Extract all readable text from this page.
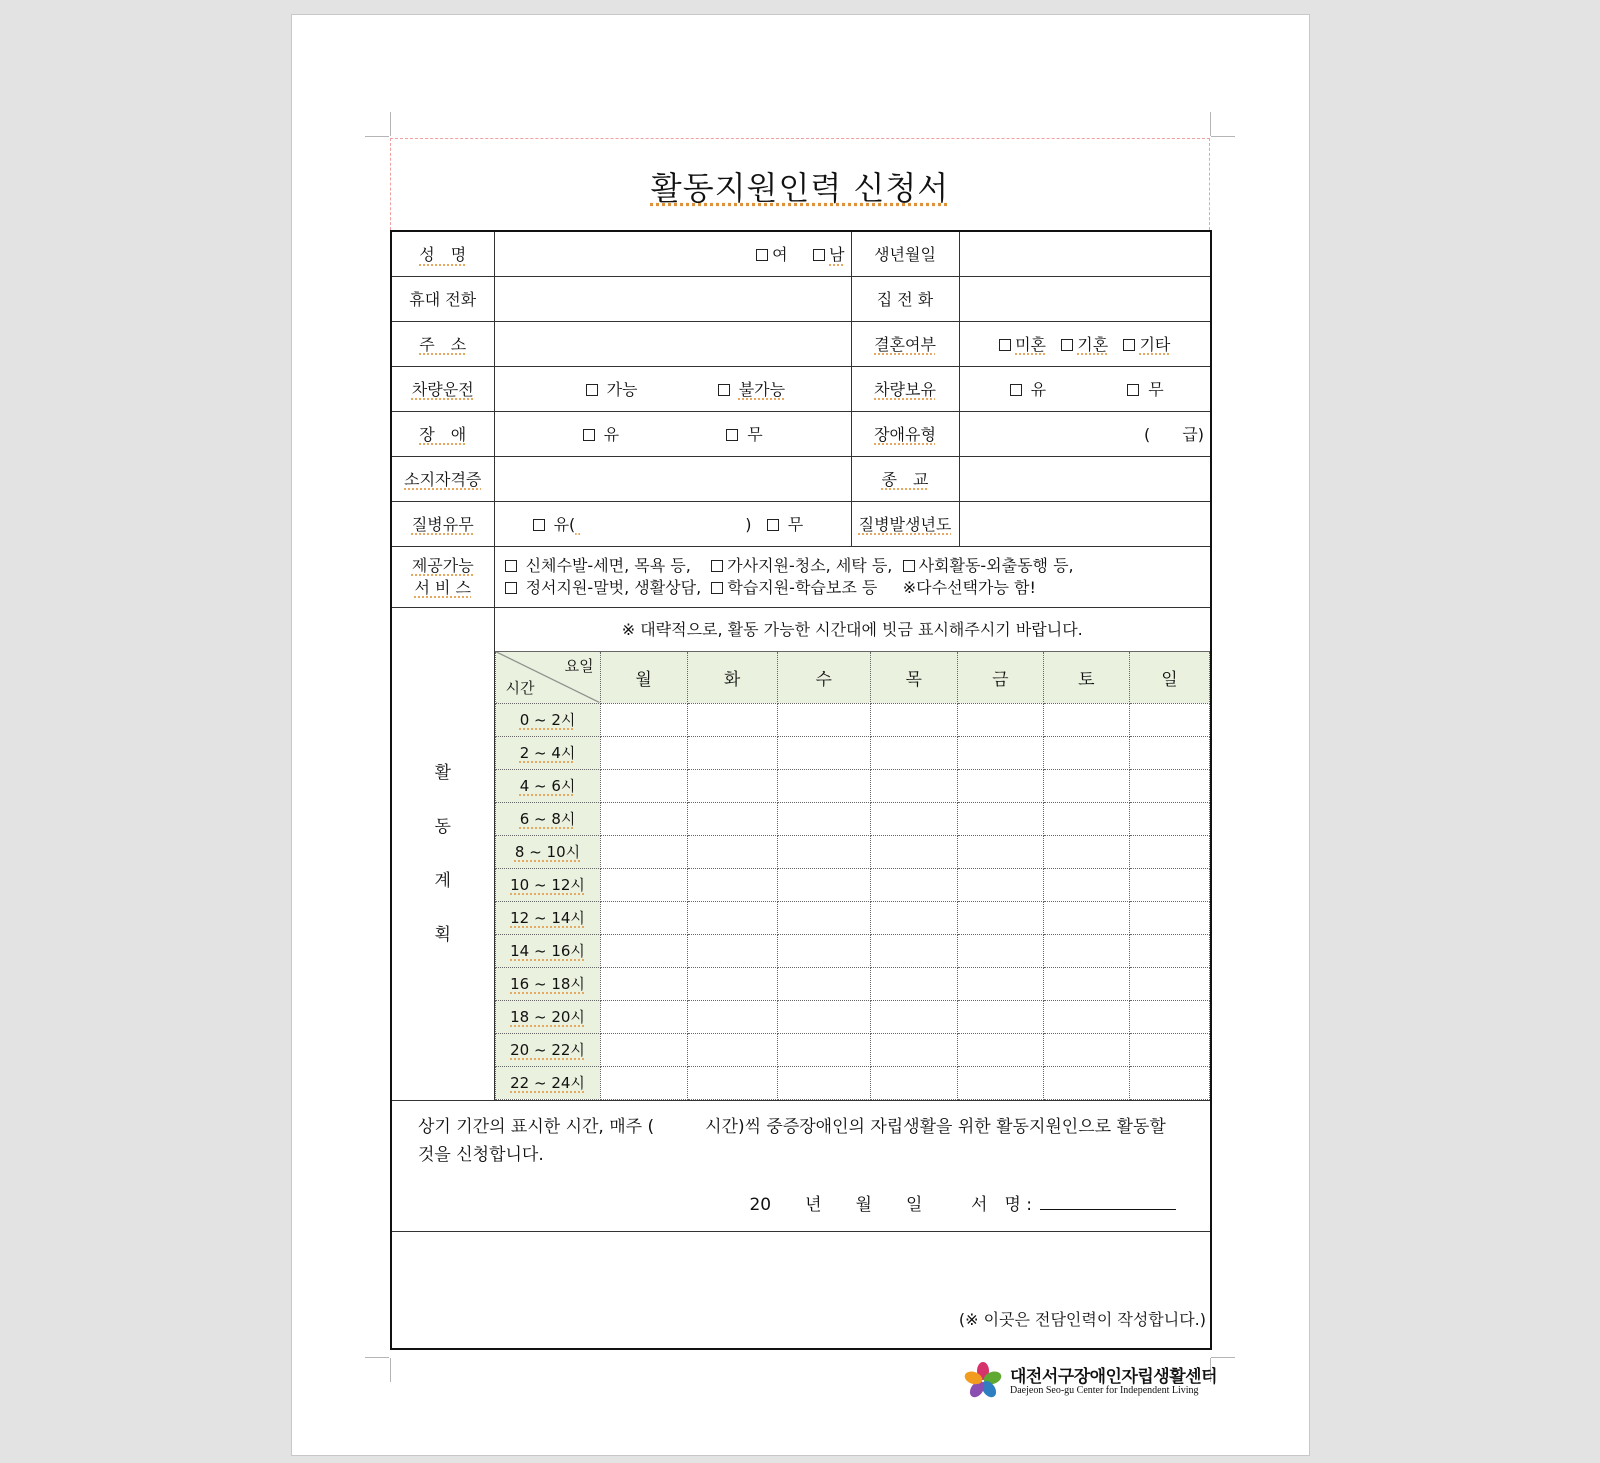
활동지원인력 신청서
성　명	여	남	생년월일	
휴대 전화		집 전 화	
주　소		결혼여부	미혼 기혼 기타
차량운전	가능	불가능	차량보유	유	무
장　애	유	무	장애유형	(　　급)
소지자격증		종　교	
질병유무	유(	) 무	질병발생년도	
제공가능
서 비 스	
신체수발-세면, 목욕 등, 가사지원-청소, 세탁 등, 사회활동-외출동행 등,
정서지원-말벗, 생활상담, 학습지원-학습보조 등 ※다수선택가능 함!

활
동
계
획

※ 대략적으로, 활동 가능한 시간대에 빗금 표시해주시기 바랍니다.
요일
시간	월	화	수	목	금	토	일
0 ~ 2시							
2 ~ 4시							
4 ~ 6시							
6 ~ 8시							
8 ~ 10시							
10 ~ 12시							
12 ~ 14시							
14 ~ 16시							
16 ~ 18시							
18 ~ 20시							
20 ~ 22시							
22 ~ 24시							

상기 기간의 표시한 시간, 매주 (　　　시간)씩 중증장애인의 자립생활을 위한 활동지원인으로 활동할 것을 신청합니다.
20　　년　　월　　일	서　명 :

(※ 이곳은 전담인력이 작성합니다.)
대전서구장애인자립생활센터
Daejeon Seo-gu Center for Independent Living
